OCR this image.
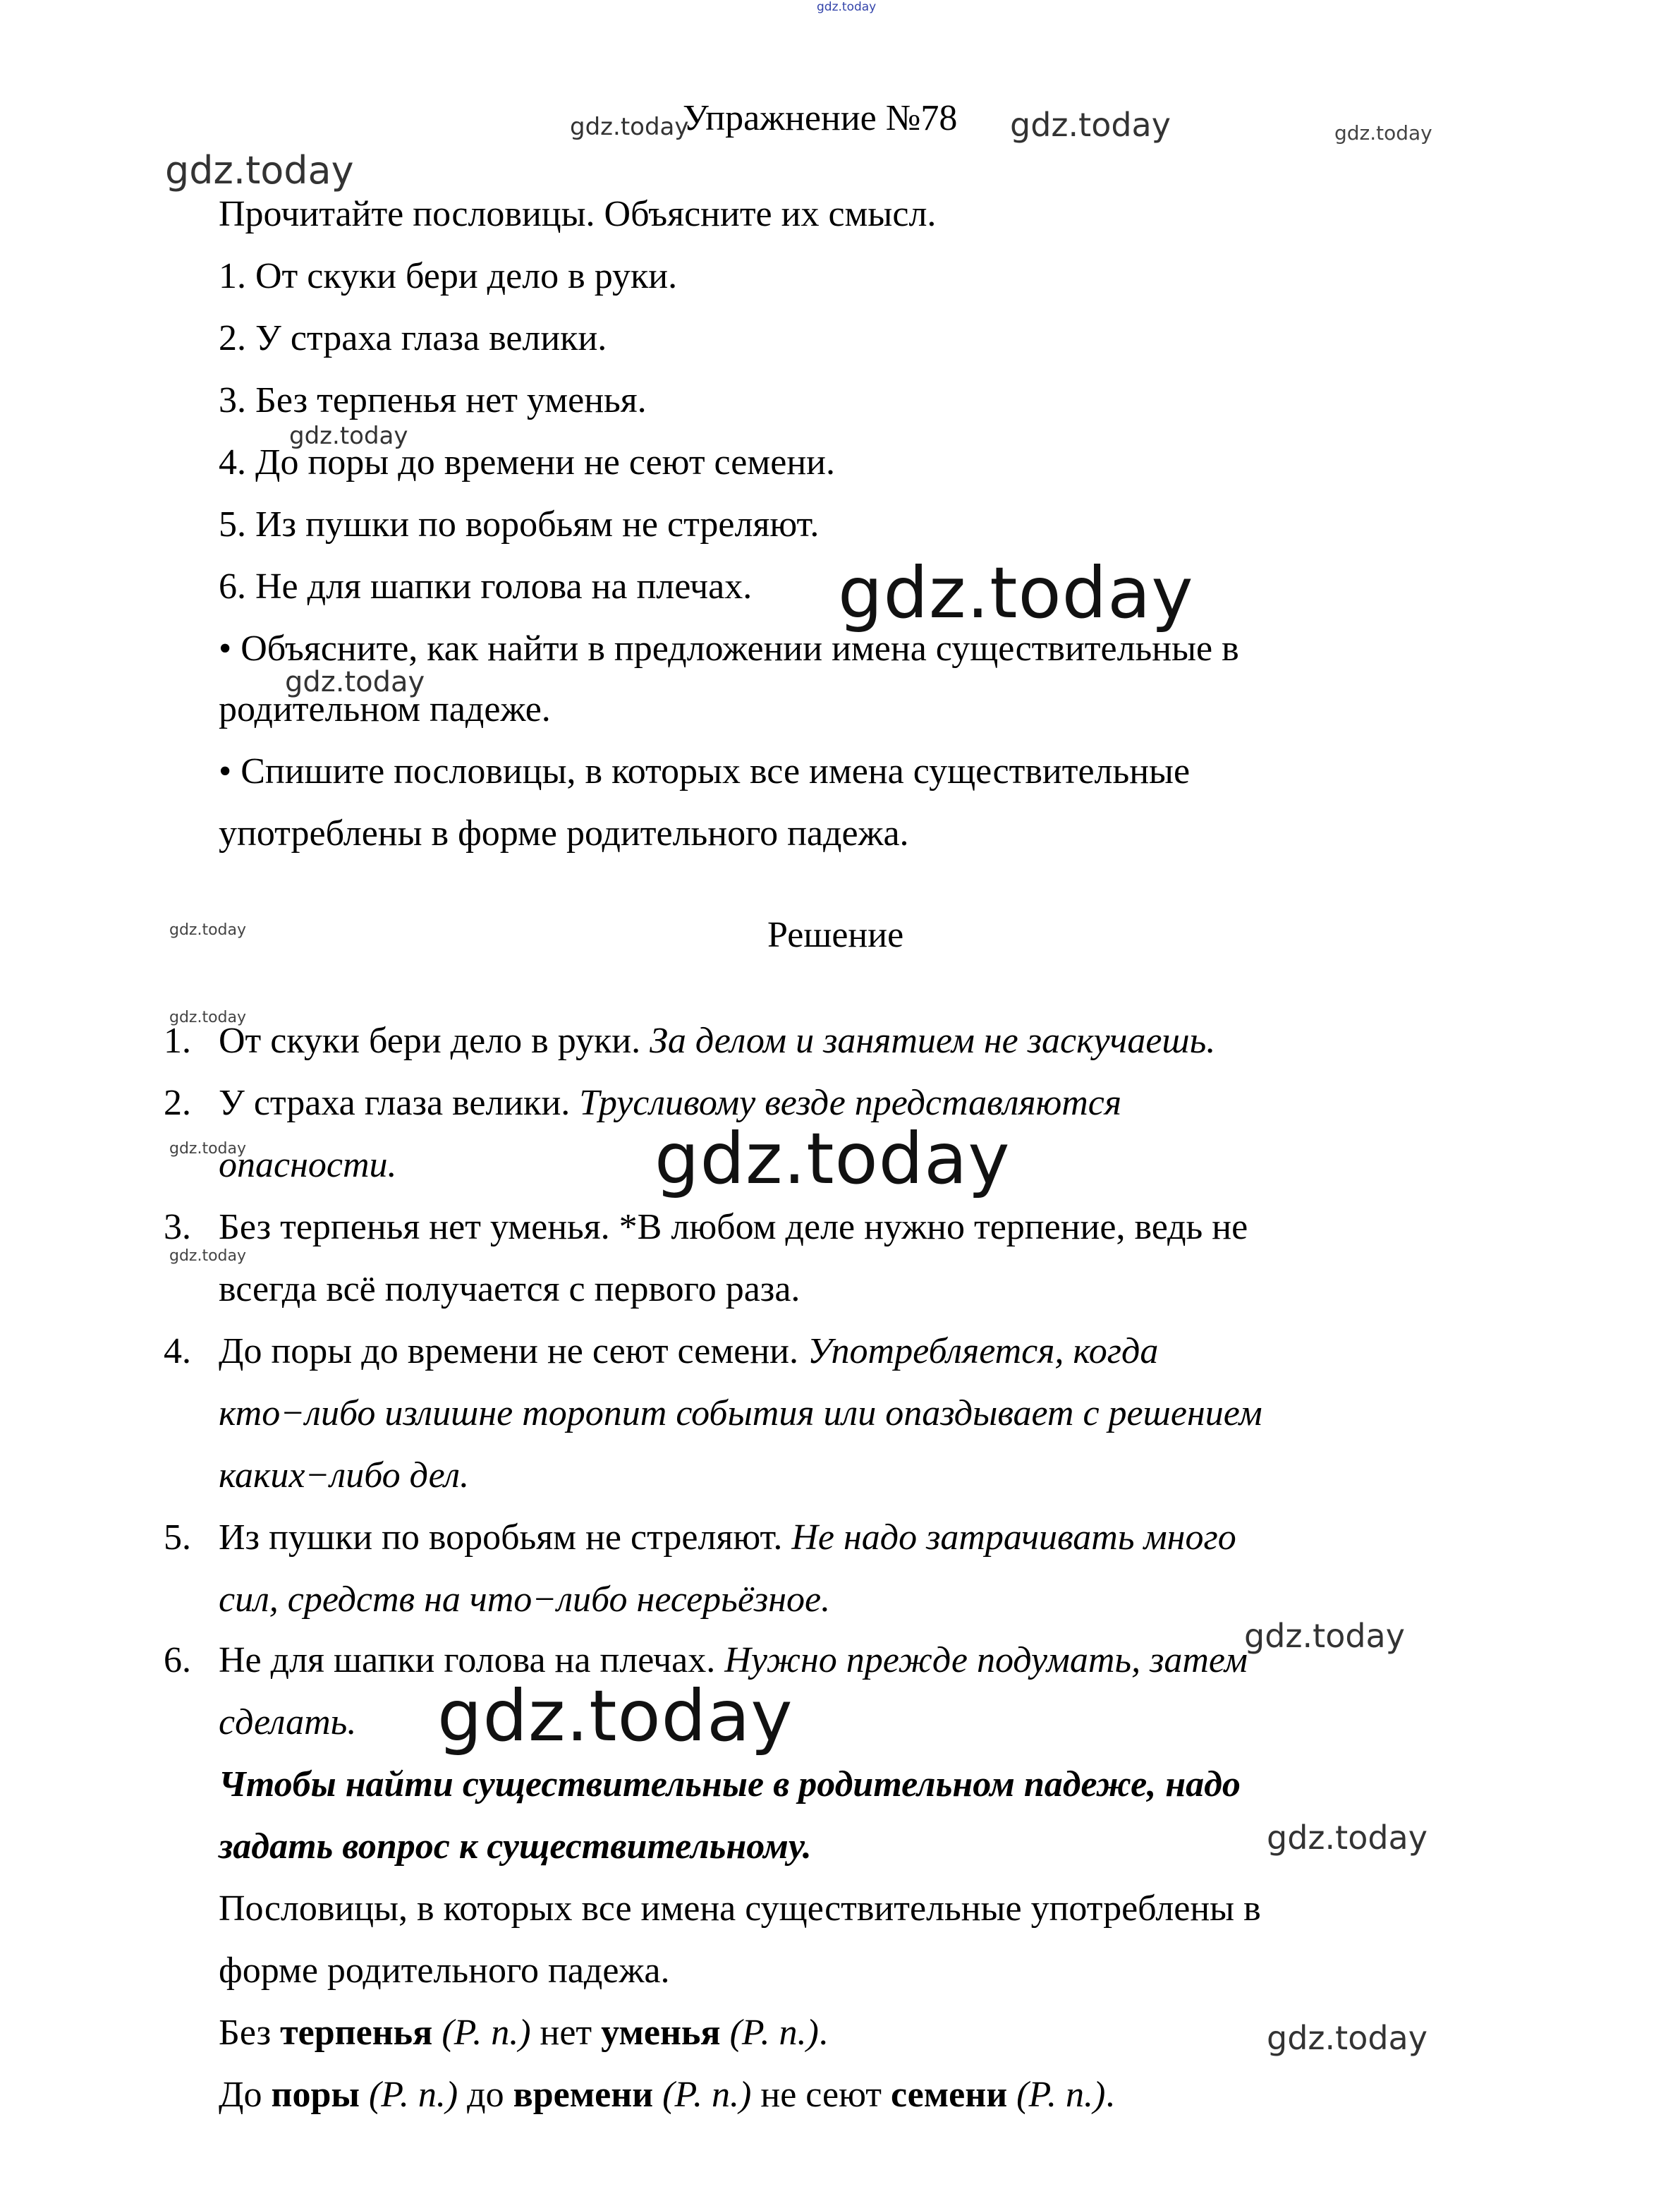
gdz.today
gdz.today	gdz.today	gdz.today
gdz.today
gdz.today
gdz.today
gdz.today
gdz.today
gdz.today
gdz.today	gdz.today
gdz.today
gdz.today
gdz.today
gdz.today
gdz.today
Упражнение №78
Прочитайте пословицы. Объясните их смысл.
1. От скуки бери дело в руки.
2. У страха глаза велики.
3. Без терпенья нет уменья.
4. До поры до времени не сеют семени.
5. Из пушки по воробьям не стреляют.
6. Не для шапки голова на плечах.
• Объясните, как найти в предложении имена существительные в
родительном падеже.
• Спишите пословицы, в которых все имена существительные
употреблены в форме родительного падежа.
Решение
1. От скуки бери дело в руки. За делом и занятием не заскучаешь.
2. У страха глаза велики. Трусливому везде представляются
опасности.
3. Без терпенья нет уменья. *В любом деле нужно терпение, ведь не
всегда всё получается с первого раза.
4. До поры до времени не сеют семени. Употребляется, когда
кто−либо излишне торопит события или опаздывает с решением
каких−либо дел.
5. Из пушки по воробьям не стреляют. Не надо затрачивать много
сил, средств на что−либо несерьёзное.
6. Не для шапки голова на плечах. Нужно прежде подумать, затем
сделать.
Чтобы найти существительные в родительном падеже, надо
задать вопрос к существительному.
Пословицы, в которых все имена существительные употреблены в
форме родительного падежа.
Без терпенья (Р. п.) нет уменья (Р. п.).
До поры (Р. п.) до времени (Р. п.) не сеют семени (Р. п.).
